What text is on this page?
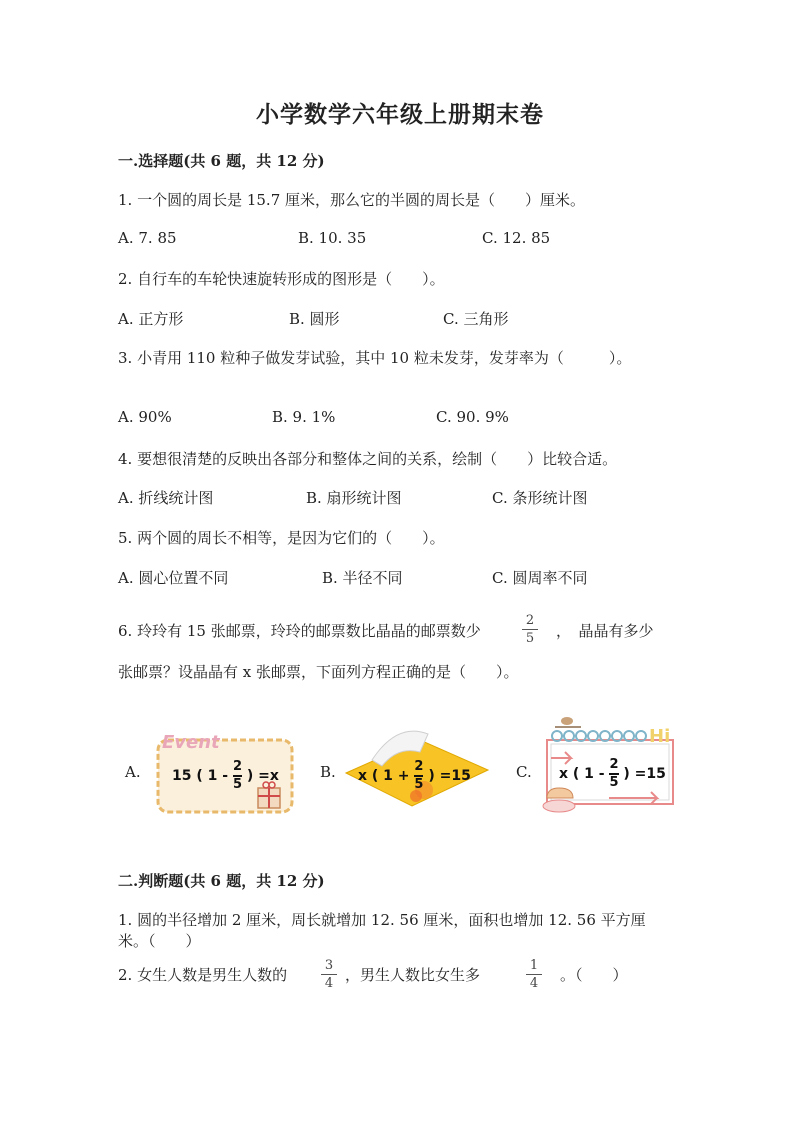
小学数学六年级上册期末卷
一.选择题(共 6 题，共 12 分)
1. 一个圆的周长是 15.7 厘米，那么它的半圆的周长是（　　）厘米。
A. 7. 85	B. 10. 35	C. 12. 85
2. 自行车的车轮快速旋转形成的图形是（　　）。
A. 正方形	B. 圆形	C. 三角形
3. 小青用 110 粒种子做发芽试验，其中 10 粒未发芽，发芽率为（　　　）。
A. 90%	B. 9. 1%	C. 90. 9%
4. 要想很清楚的反映出各部分和整体之间的关系，绘制（　　）比较合适。
A. 折线统计图	B. 扇形统计图	C. 条形统计图
5. 两个圆的周长不相等，是因为它们的（　　）。
A. 圆心位置不同	B. 半径不同	C. 圆周率不同
6. 玲玲有 15 张邮票，玲玲的邮票数比晶晶的邮票数少
2
5 ，　晶晶有多少
张邮票？设晶晶有 x 张邮票，下面列方程正确的是（　　）。
A.
Event
15 ( $1 - \frac{2}{5}$ ) =x	B. x ( $1 + \frac{2}{5}$ ) =15	C.
Hi
x ( $1 - \frac{2}{5}$ ) =15
二.判断题(共 6 题，共 12 分)
1. 圆的半径增加 2 厘米，周长就增加 12. 56 厘米，面积也增加 12. 56 平方厘
米。（　　）
2. 女生人数是男生人数的
3
4 ，男生人数比女生多
1
4 。（　　）
